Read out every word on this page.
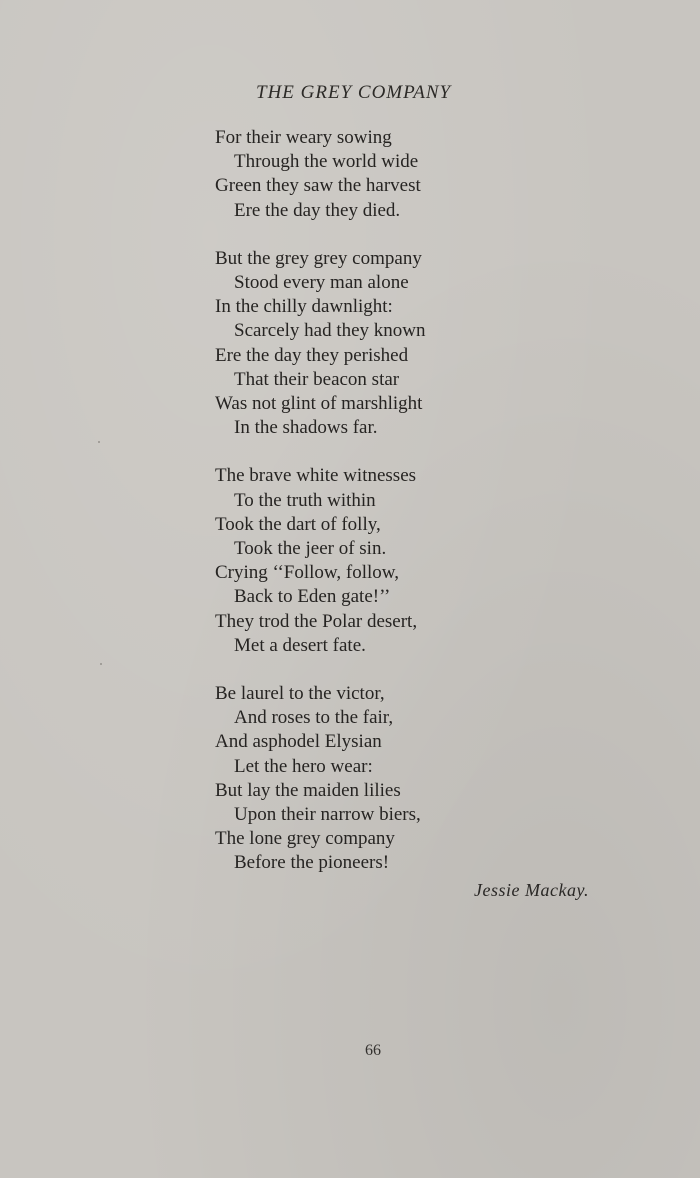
THE GREY COMPANY
For their weary sowing
Through the world wide
Green they saw the harvest
Ere the day they died.
But the grey grey company
Stood every man alone
In the chilly dawnlight:
Scarcely had they known
Ere the day they perished
That their beacon star
Was not glint of marshlight
In the shadows far.
The brave white witnesses
To the truth within
Took the dart of folly,
Took the jeer of sin.
Crying ‘‘Follow, follow,
Back to Eden gate!’’
They trod the Polar desert,
Met a desert fate.
Be laurel to the victor,
And roses to the fair,
And asphodel Elysian
Let the hero wear:
But lay the maiden lilies
Upon their narrow biers,
The lone grey company
Before the pioneers!
Jessie Mackay.
66
